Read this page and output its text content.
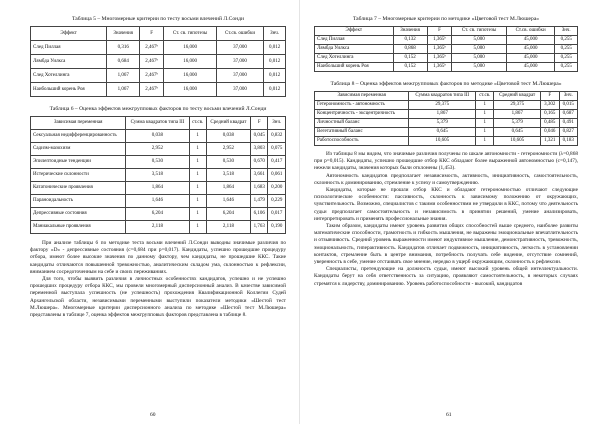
Таблица 5 – Многомерные критерии по тесту восьми влечений Л.Сонди

Эффект	Значения	F	Ст. св. гипотезы	Ст.св. ошибки	Знч.
След Пиллая	0,316	2,467ᵇ	16,000	37,000	0,012
Лямбда Уилкса	0,684	2,467ᵇ	16,000	37,000	0,012
След Хотеллинга	1,067	2,467ᵇ	16,000	37,000	0,012
Наибольший корень Роя	1,067	2,467ᵇ	16,000	37,000	0,012

Таблица 6 – Оценка эффектов межгрупповых факторов по тесту восьми влечений Л.Сонди

Зависимая переменная	Сумма квадратов типа III	ст.св.	Средний квадрат	F	Знч.
Сексуальная недифференцированность	0,038	1	0,038	0,045	0,832
Садизм-мазохизм	2,952	1	2,952	3,803	0,075
Эпилептоидные тенденции	0,530	1	0,530	0,670	0,417
Истерические склонности	3,518	1	3,518	3,661	0,061
Кататонические проявления	1,864	1	1,864	1,683	0,200
Параноидальность	1,646	1	1,646	1,479	0,229
Депрессивные состояния	6,204	1	6,204	6,106	0,017
Маниакальные проявления	2,118	1	2,118	1,763	0,190

При анализе таблицы 6 по методике теста восьми влечений Л.Сонди выводны значимые различия по фактору «D» - депрессивные состояния (с=0,684 при p=0,017). Кандидаты, успешно прошедшие процедуру отбора, имеют более высокие значения по данному фактору, чем кандидаты, не прошедшие ККС. Такие кандидаты отличаются повышенной тревожностью, аналитическим складом ума, склонностью к рефлексии, вниманием сосредоточенным на себе и своих переживаниях.

Для того, чтобы выявить различия в личностных особенностях кандидатов, успешно и не успешно прошедших процедуру отбора ККС, мы провели многомерный дисперсионный анализ. В качестве зависимой переменной выступала успешность (не успешность) прохождения Квалификационной Коллегии Судей Архангельской области, независимыми переменными выступили показатели методики «Шестой тест М.Люшера». Многомерные критерии дисперсионного анализа по методике «Шестой тест М.Люшера» представлены в таблице 7, оценка эффектов межгрупповых факторов представлена в таблице 8.

60

Таблица 7 – Многомерные критерии по методике «Цветовой тест М.Люшера»

Эффект	Значения	F	Ст. св. гипотезы	Ст.св. ошибки	Знч.
След Пиллая	0,132	1,365ᵇ	5,000	45,000	0,255
Лямбда Уилкса	0,868	1,365ᵇ	5,000	45,000	0,255
След Хотеллинга	0,152	1,365ᵇ	5,000	45,000	0,255
Наибольший корень Роя	0,152	1,365ᵇ	5,000	45,000	0,255

Таблица 8 – Оценка эффектов межгрупповых факторов по методике «Цветовой тест М.Люшера»

Зависимая переменная	Сумма квадратов типа III	ст.св.	Средний квадрат	F	Знч.
Гетерономность - автономность	29,375	1	29,375	3,302	0,015
Концентричность - эксцентричность	1,867	1	1,867	0,165	0,687
Личностный баланс	5,379	1	5,379	0,485	0,491
Вегетативный баланс	0,645	1	0,645	0,046	0,827
Работоспособность	10,605	1	10,605	1,321	0,183

Из таблицы 8 мы видим, что значимые различия получены по шкале автономности - гетерономности (λ=0,868 при p=0,015). Кандидаты, успешно прошедшие отбор ККС обладают более выраженной автономностью (с=0,147), нежели кандидаты, значения которых были отклонены (1,453).

Автономность кандидатов предполагает независимость, активность, инициативность, самостоятельность, склонность к доминированию, стремление к успеху и самоутверждению.

Кандидаты, которые не прошли отбор ККС и обладают гетерономностью отличают следующие психологические особенности: пассивность, склонность к зависимому положению от окружающих, чувствительность. Возможно, специалистов с такими особенностями не утвердили в ККС, потому что деятельность судьи предполагает самостоятельность и независимость в принятии решений, умение анализировать, интерпретировать и применять профессиональные знания.

Таким образом, кандидаты имеют уровень развития общих способностей выше среднего, наиболее развиты математические способности, грамотность и гибкость мышления, не выражены эмоциональные впечатлительность и отзывчивость. Средний уровень выраженности имеют индуктивное мышление, демонстративность, тревожность, эмоциональность, гиперактивность. Кандидатов отличает подвижность, инициативность, легкость в установлении контактов, стремление быть в центре внимания, потребность получать себе видение, отсутствие сомнений, уверенность в себе, умение отстаивать свое мнение, нередко в ущерб окружающим, склонность к рефлексии.

Специалисты, претендующие на должность судьи, имеют высокий уровень общей интеллектуальности. Кандидаты берут на себя ответственность за ситуацию, проявляют самостоятельность, в некоторых случаях стремятся к лидерству, доминированию. Уровень работоспособности - высокий, кандидатов

61
